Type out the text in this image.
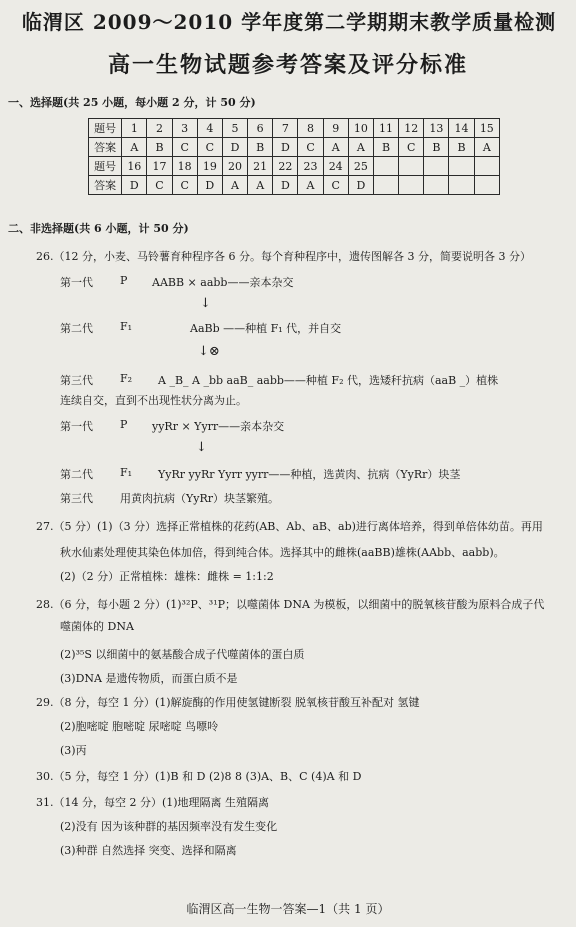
临渭区 2009～2010 学年度第二学期期末教学质量检测
高一生物试题参考答案及评分标准
一、选择题(共 25 小题，每小题 2 分，计 50 分)
题号	1	2	3	4	5	6	7	8	9	10	11	12	13	14	15
答案	A	B	C	C	D	B	D	C	A	A	B	C	B	B	A
题号	16	17	18	19	20	21	22	23	24	25					
答案	D	C	C	D	A	A	D	A	C	D					
二、非选择题(共 6 小题，计 50 分)
26.（12 分，小麦、马铃薯育种程序各 6 分。每个育种程序中，遗传图解各 3 分，简要说明各 3 分）
第一代 P AABB × aabb——亲本杂交
↓
第二代 F₁	AaBb ——种植 F₁ 代，并自交
↓⊗
第三代 F₂ A _B_ A _bb aaB_ aabb——种植 F₂ 代，选矮秆抗病（aaB _）植株
连续自交，直到不出现性状分离为止。
第一代 P yyRr × Yyrr——亲本杂交
↓
第二代 F₁ YyRr yyRr Yyrr yyrr——种植，选黄肉、抗病（YyRr）块茎
第三代 用黄肉抗病（YyRr）块茎繁殖。
27.（5 分）(1)（3 分）选择正常植株的花药(AB、Ab、aB、ab)进行离体培养，得到单倍体幼苗。再用
秋水仙素处理使其染色体加倍，得到纯合体。选择其中的雌株(aaBB)雄株(AAbb、aabb)。
(2)（2 分）正常植株：雄株：雌株 = 1:1:2
28.（6 分，每小题 2 分）(1)³²P、³¹P；以噬菌体 DNA 为模板，以细菌中的脱氧核苷酸为原料合成子代
噬菌体的 DNA
(2)³⁵S 以细菌中的氨基酸合成子代噬菌体的蛋白质
(3)DNA 是遗传物质，而蛋白质不是
29.（8 分，每空 1 分）(1)解旋酶的作用使氢键断裂 脱氧核苷酸互补配对 氢键
(2)胞嘧啶 胞嘧啶 尿嘧啶 鸟嘌呤
(3)丙
30.（5 分，每空 1 分）(1)B 和 D (2)8 8 (3)A、B、C (4)A 和 D
31.（14 分，每空 2 分）(1)地理隔离 生殖隔离
(2)没有 因为该种群的基因频率没有发生变化
(3)种群 自然选择 突变、选择和隔离
临渭区高一生物一答案—1（共 1 页）
